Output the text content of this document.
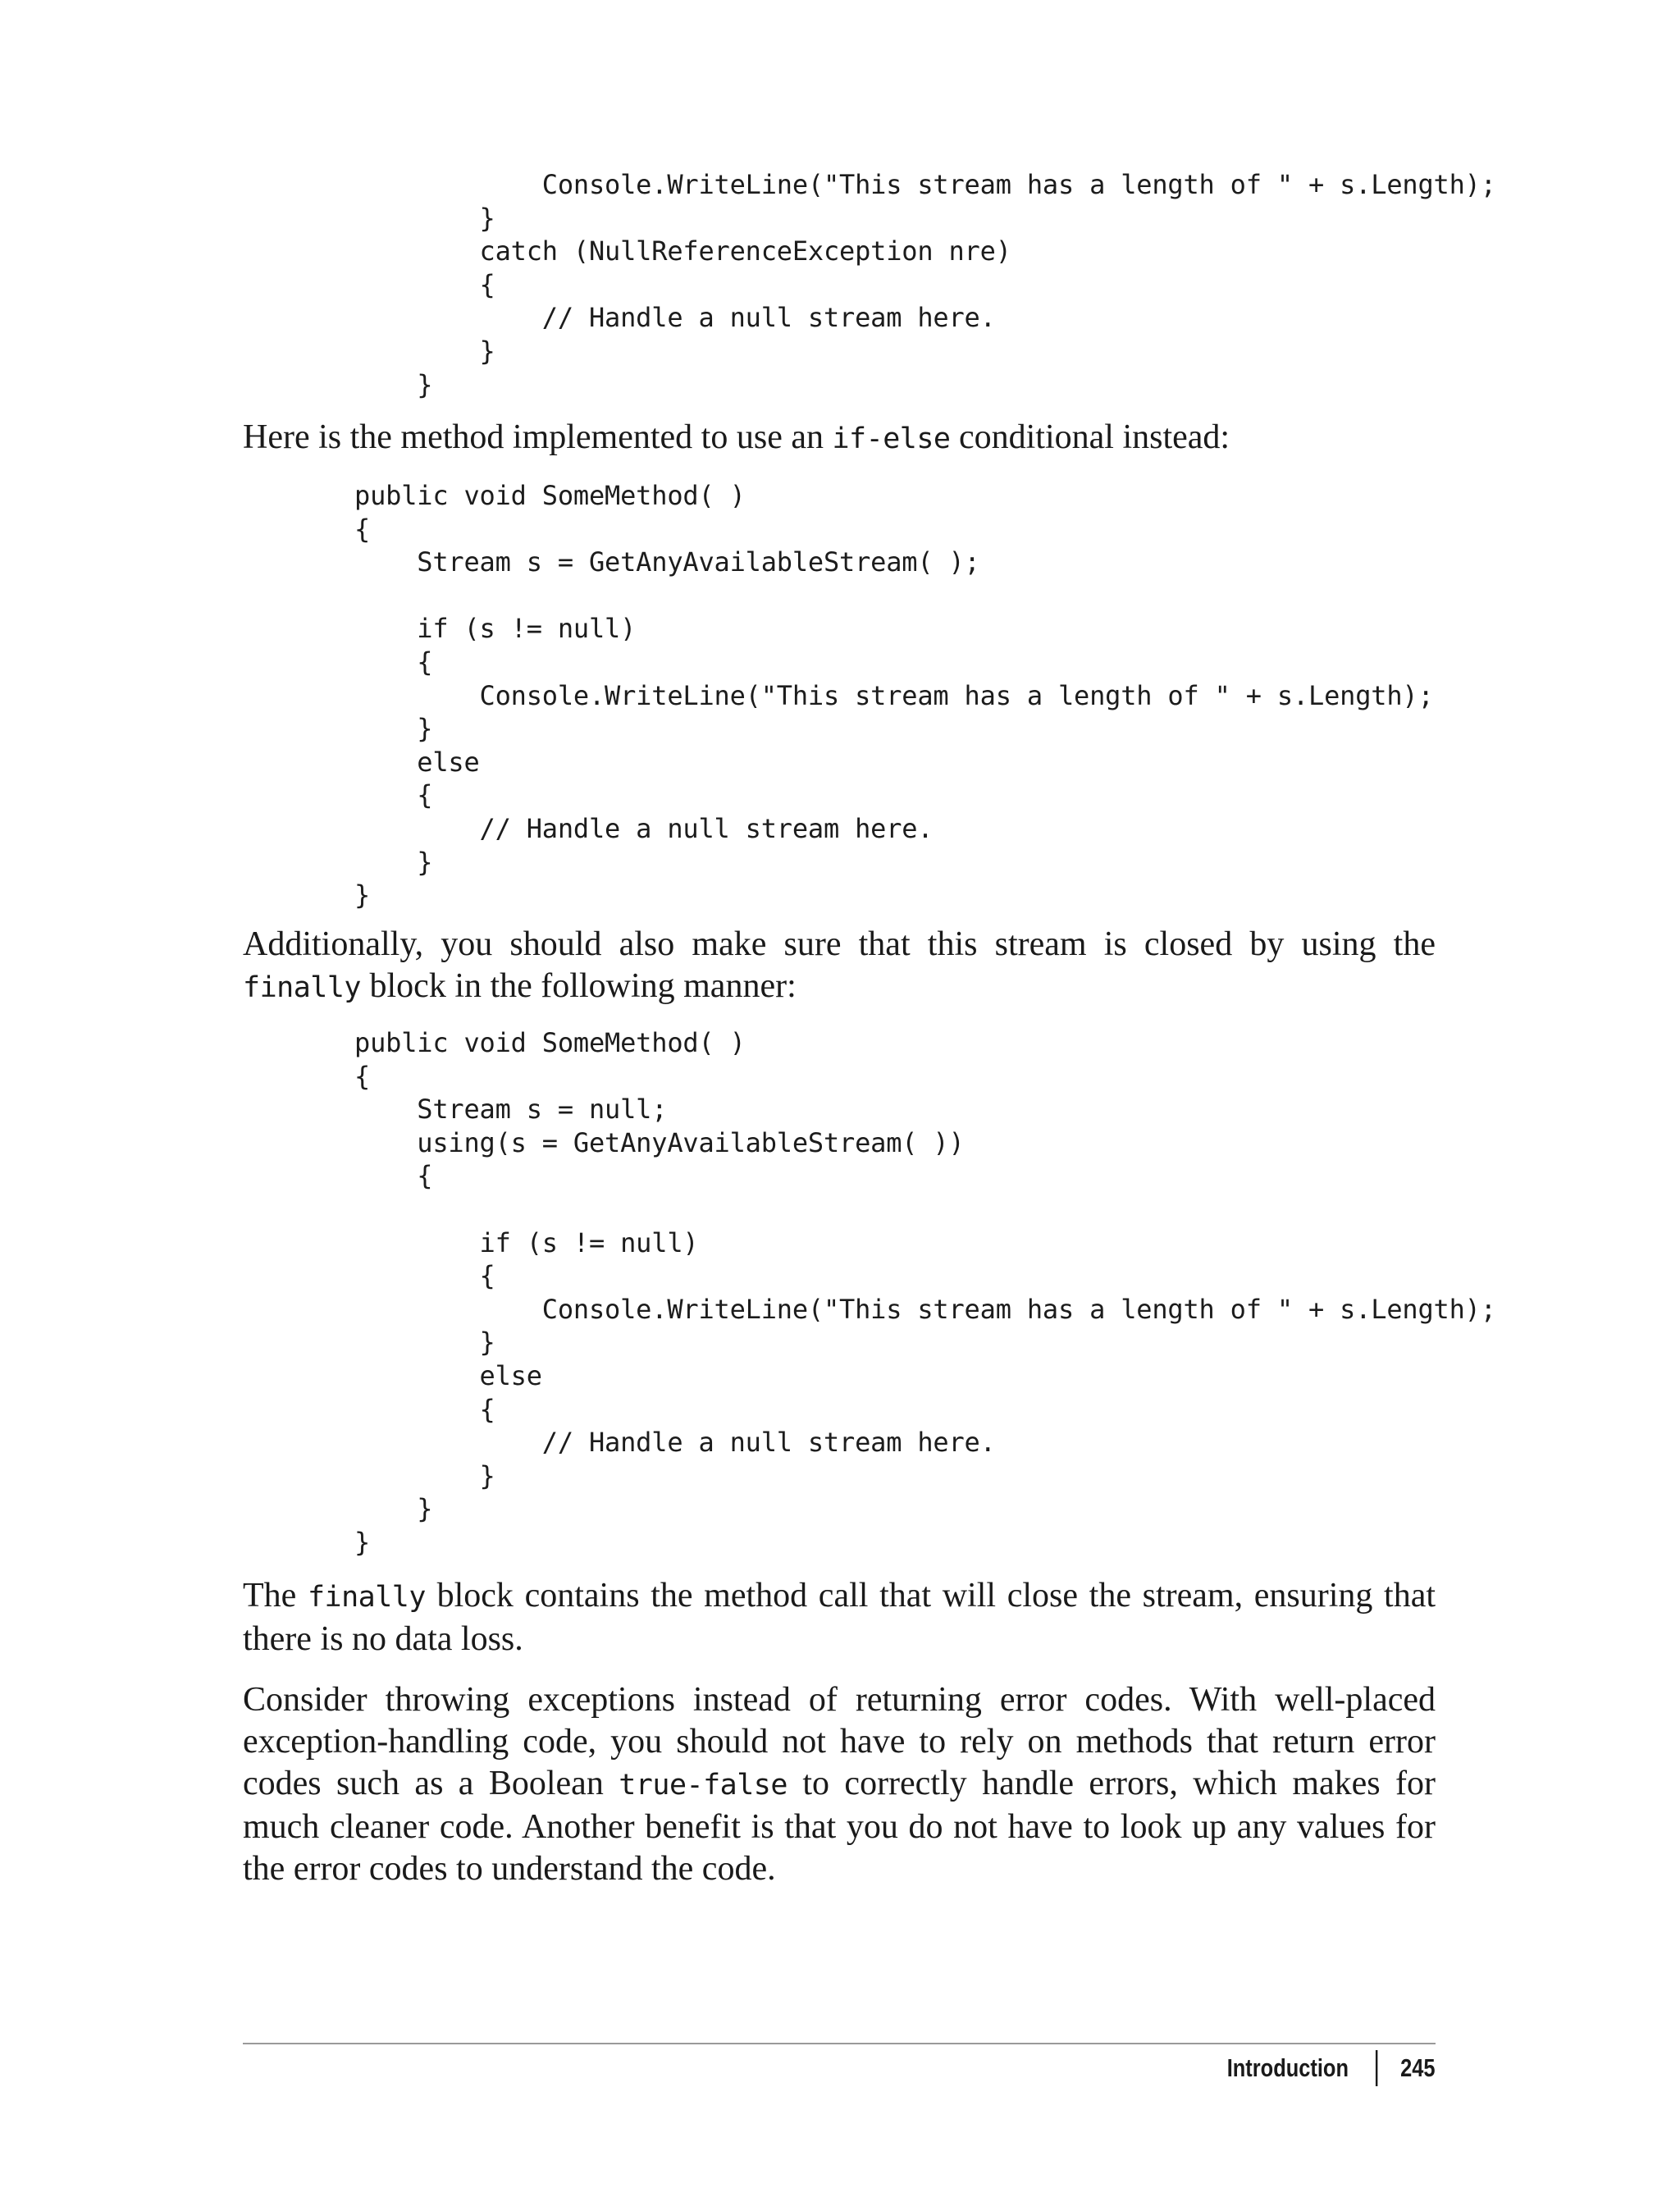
Console.WriteLine("This stream has a length of " + s.Length);
}
catch (NullReferenceException nre)
{
// Handle a null stream here.
}
}

Here is the method implemented to use an if-else conditional instead:

public void SomeMethod( )
{
Stream s = GetAnyAvailableStream( );

if (s != null)
{
Console.WriteLine("This stream has a length of " + s.Length);
}
else
{
// Handle a null stream here.
}
}

Additionally, you should also make sure that this stream is closed by using the finally block in the following manner:

public void SomeMethod( )
{
Stream s = null;
using(s = GetAnyAvailableStream( ))
{

if (s != null)
{
Console.WriteLine("This stream has a length of " + s.Length);
}
else
{
// Handle a null stream here.
}
}
}

The finally block contains the method call that will close the stream, ensuring that there is no data loss.

Consider throwing exceptions instead of returning error codes. With well-placed exception-handling code, you should not have to rely on methods that return error codes such as a Boolean true-false to correctly handle errors, which makes for much cleaner code. Another benefit is that you do not have to look up any values for the error codes to understand the code.

Introduction 245
